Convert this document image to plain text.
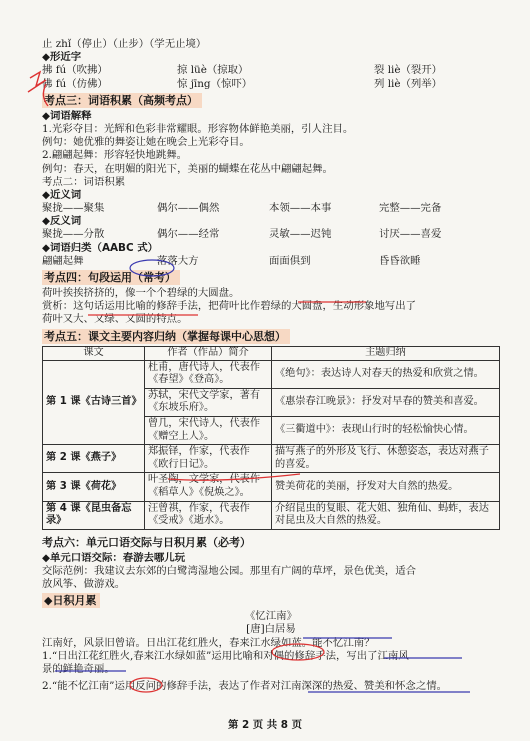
止 zhǐ（停止）（止步）（学无止境）
◆形近字
拂 fú（吹拂）	掠 lüè（掠取）	裂 liè（裂开）
佛 fú（仿佛）	惊 jīng（惊吓）	列 liè（列举）
考点三：词语积累（高频考点）
◆词语解释
1.光彩夺目：光辉和色彩非常耀眼。形容物体鲜艳美丽，引人注目。
例句：她优雅的舞姿让她在晚会上光彩夺目。
2.翩翩起舞：形容轻快地跳舞。
例句：春天，在明媚的阳光下，美丽的蝴蝶在花丛中翩翩起舞。
考点二：词语积累
◆近义词
聚拢——聚集	偶尔——偶然	本领——本事	完整——完备
◆反义词
聚拢——分散	偶尔——经常	灵敏——迟钝	讨厌——喜爱
◆词语归类（AABC 式）
翩翩起舞	落落大方	面面俱到	昏昏欲睡
考点四：句段运用（常考）
荷叶挨挨挤挤的，像一个个碧绿的大圆盘。
赏析：这句话运用比喻的修辞手法，把荷叶比作碧绿的大圆盘，生动形象地写出了
荷叶又大、又绿、又圆的特点。
考点五：课文主要内容归纳（掌握每课中心思想）
课文	作者（作品）简介	主题归纳
第 1 课《古诗三首》	杜甫，唐代诗人，代表作《春望》《登高》。	《绝句》：表达诗人对春天的热爱和欣赏之情。
	苏轼，宋代文学家，著有《东坡乐府》。	《惠崇春江晚景》：抒发对早春的赞美和喜爱。
	曾几，宋代诗人，代表作《赠空上人》。	《三衢道中》：表现山行时的轻松愉快心情。
第 2 课《燕子》	郑振铎，作家，代表作《欧行日记》。	描写燕子的外形及飞行、休憩姿态，表达对燕子的喜爱。
第 3 课《荷花》	叶圣陶，文学家，代表作《稻草人》《倪焕之》。	赞美荷花的美丽，抒发对大自然的热爱。
第 4 课《昆虫备忘录》	汪曾祺，作家，代表作《受戒》《逝水》。	介绍昆虫的复眼、花大姐、独角仙、蚂蚱，表达对昆虫及大自然的热爱。
考点六：单元口语交际与日积月累（必考）
◆单元口语交际：春游去哪儿玩
交际范例：我建议去东郊的白鹭湾湿地公园。那里有广阔的草坪，景色优美，适合
放风筝、做游戏。
◆日积月累
《忆江南》
[唐]白居易
江南好，风景旧曾谙。日出江花红胜火，春来江水绿如蓝。能不忆江南？
1.“日出江花红胜火,春来江水绿如蓝”运用比喻和对偶的修辞手法，写出了江南风
景的鲜艳奇丽。
2.“能不忆江南”运用反问的修辞手法，表达了作者对江南深深的热爱、赞美和怀念之情。
第 2 页 共 8 页
